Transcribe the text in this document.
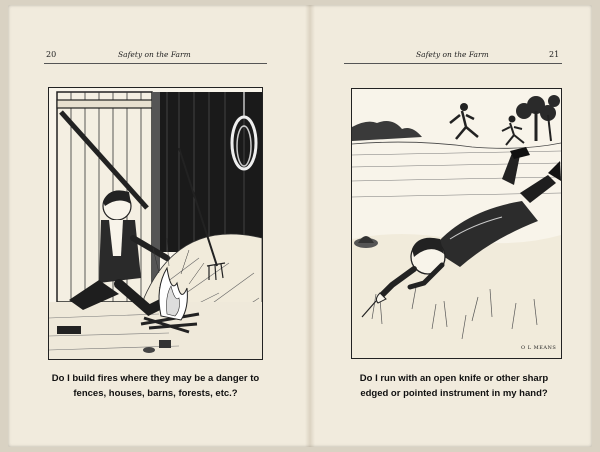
20	Safety on the Farm
Do I build fires where they may be a danger to
fences, houses, barns, forests, etc.?
Safety on the Farm	21
O L MEANS
Do I run with an open knife or other sharp
edged or pointed instrument in my hand?
